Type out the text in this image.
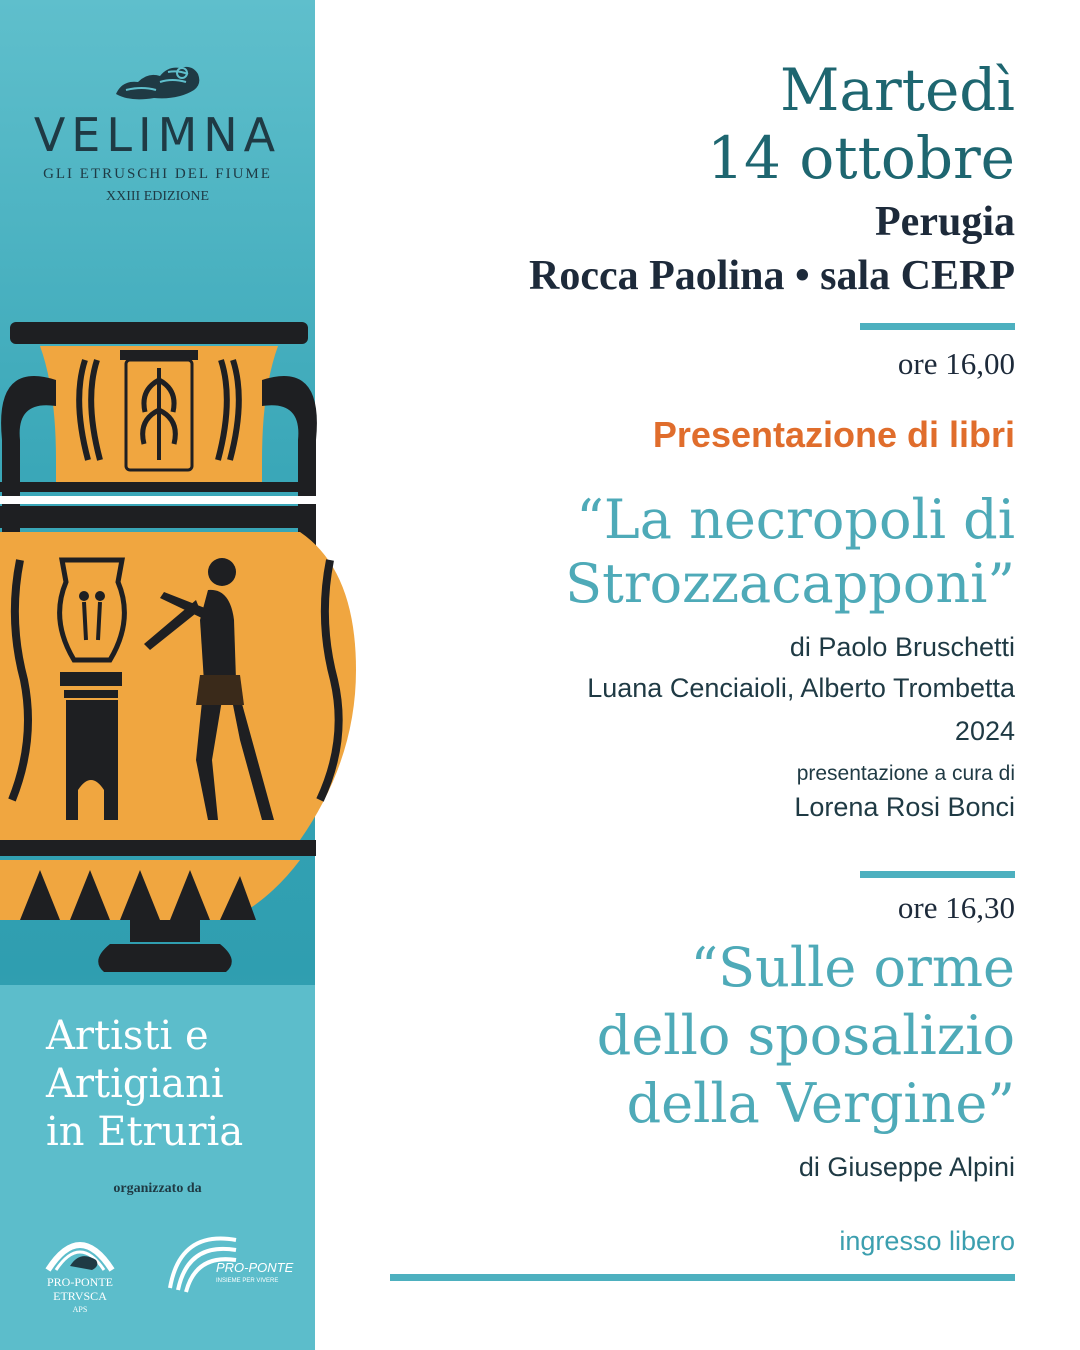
VELIMNA
GLI ETRUSCHI DEL FIUME
XXIII EDIZIONE
Artisti e
Artigiani
in Etruria
organizzato da
PRO-PONTE
ETRVSCA
APS
PRO-PONTE
INSIEME PER VIVERE
Martedì
14 ottobre
Perugia
Rocca Paolina • sala CERP
ore 16,00
Presentazione di libri
“La necropoli di
Strozzacapponi”
di Paolo Bruschetti
Luana Cenciaioli, Alberto Trombetta
2024
presentazione a cura di
Lorena Rosi Bonci
ore 16,30
“Sulle orme
dello sposalizio
della Vergine”
di Giuseppe Alpini
ingresso libero
